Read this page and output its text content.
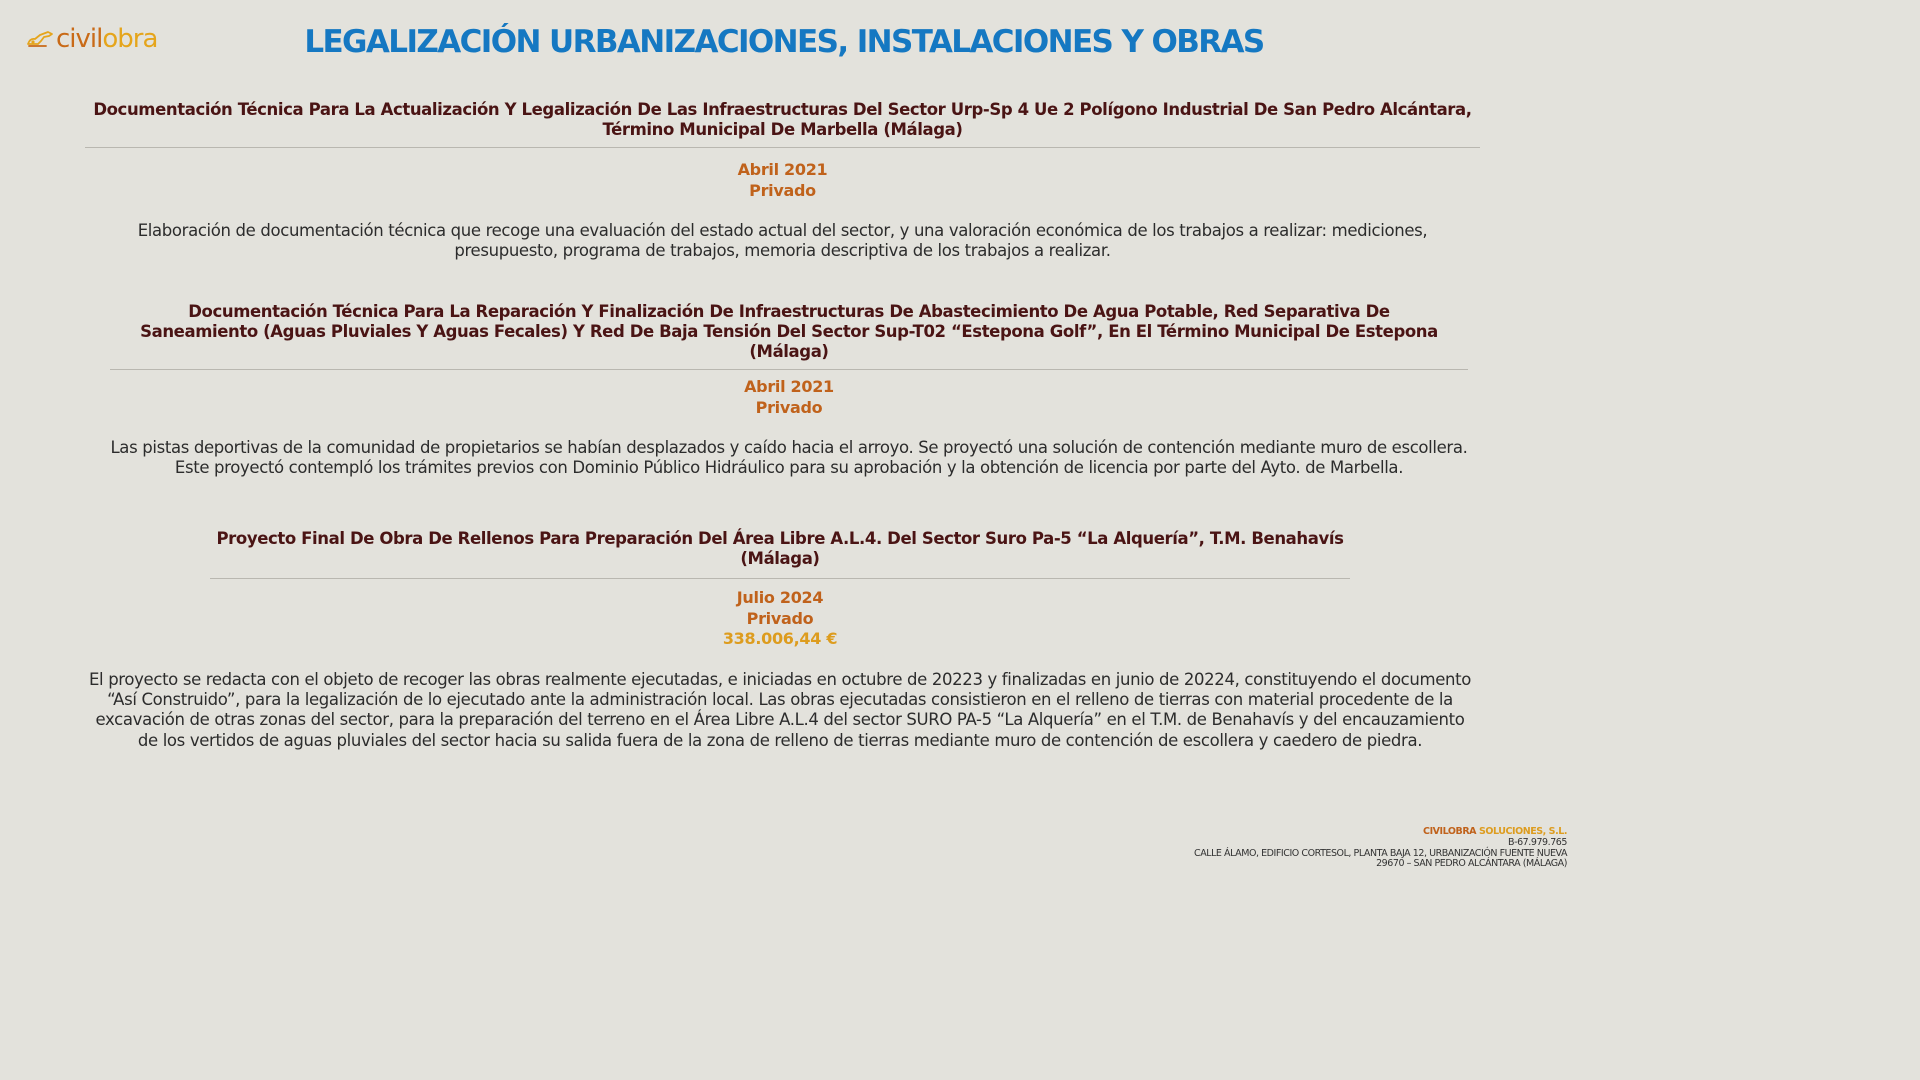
civilobra	LEGALIZACIÓN URBANIZACIONES, INSTALACIONES Y OBRAS
Documentación Técnica Para La Actualización Y Legalización De Las Infraestructuras Del Sector Urp-Sp 4 Ue 2 Polígono Industrial De San Pedro Alcántara, Término Municipal De Marbella (Málaga)
Abril 2021
Privado

Elaboración de documentación técnica que recoge una evaluación del estado actual del sector, y una valoración económica de los trabajos a realizar: mediciones, presupuesto, programa de trabajos, memoria descriptiva de los trabajos a realizar.

Documentación Técnica Para La Reparación Y Finalización De Infraestructuras De Abastecimiento De Agua Potable, Red Separativa De Saneamiento (Aguas Pluviales Y Aguas Fecales) Y Red De Baja Tensión Del Sector Sup-T02 “Estepona Golf”, En El Término Municipal De Estepona (Málaga)
Abril 2021
Privado

Las pistas deportivas de la comunidad de propietarios se habían desplazados y caído hacia el arroyo. Se proyectó una solución de contención mediante muro de escollera. Este proyectó contempló los trámites previos con Dominio Público Hidráulico para su aprobación y la obtención de licencia por parte del Ayto. de Marbella.

Proyecto Final De Obra De Rellenos Para Preparación Del Área Libre A.L.4. Del Sector Suro Pa-5 “La Alquería”, T.M. Benahavís (Málaga)
Julio 2024
Privado
338.006,44 €

El proyecto se redacta con el objeto de recoger las obras realmente ejecutadas, e iniciadas en octubre de 20223 y finalizadas en junio de 20224, constituyendo el documento “Así Construido”, para la legalización de lo ejecutado ante la administración local. Las obras ejecutadas consistieron en el relleno de tierras con material procedente de la excavación de otras zonas del sector, para la preparación del terreno en el Área Libre A.L.4 del sector SURO PA-5 “La Alquería” en el T.M. de Benahavís y del encauzamiento de los vertidos de aguas pluviales del sector hacia su salida fuera de la zona de relleno de tierras mediante muro de contención de escollera y caedero de piedra.

CIVILOBRA SOLUCIONES, S.L.
B-67.979.765
CALLE ÁLAMO, EDIFICIO CORTESOL, PLANTA BAJA 12, URBANIZACIÓN FUENTE NUEVA
29670 – SAN PEDRO ALCÁNTARA (MÁLAGA)
